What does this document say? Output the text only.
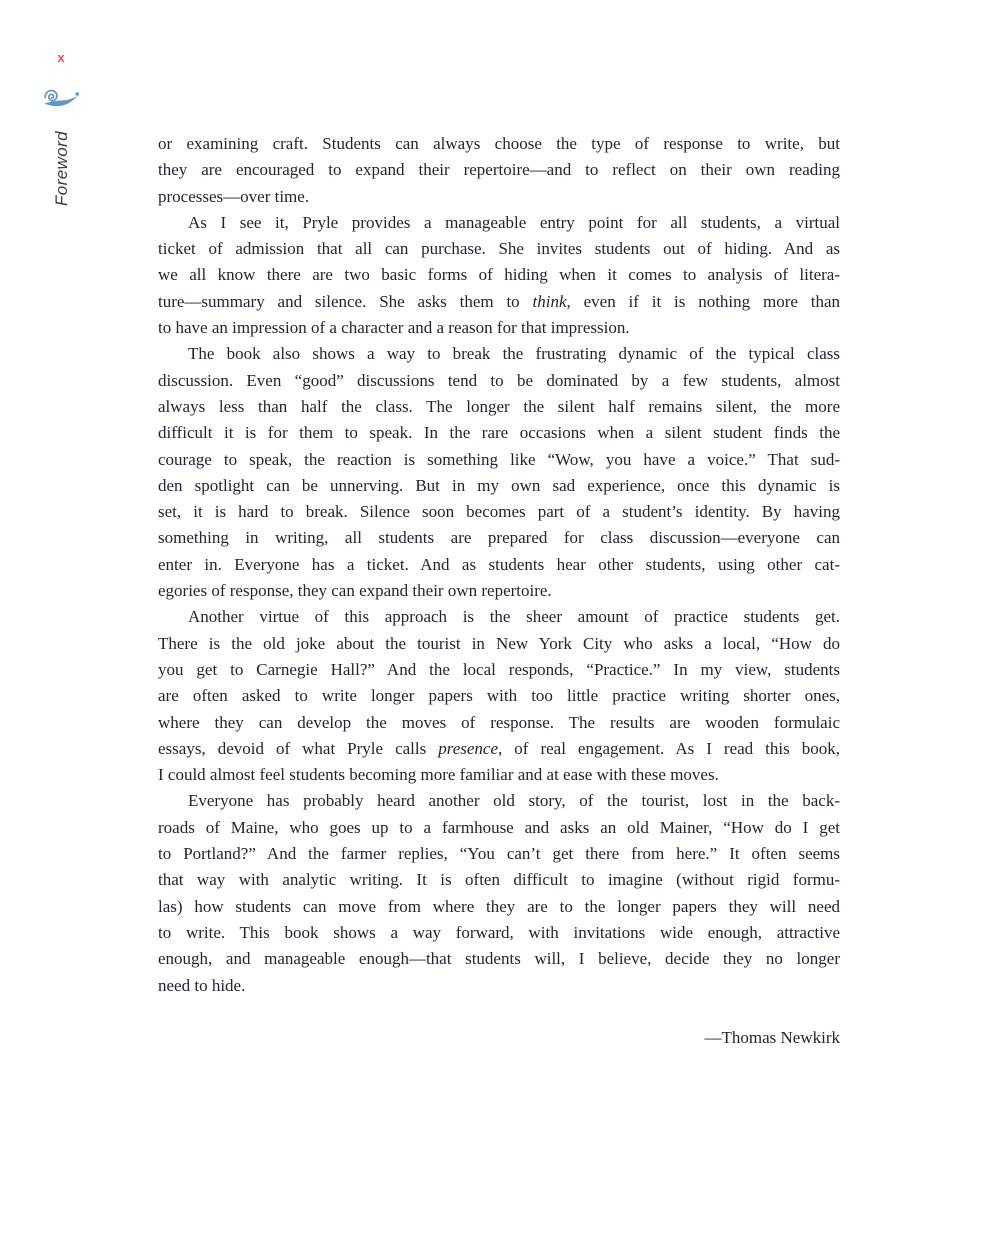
x
Foreword	or examining craft. Students can always choose the type of response to write, but
they are encouraged to expand their repertoire—and to reflect on their own reading
processes—over time.
As I see it, Pryle provides a manageable entry point for all students, a virtual
ticket of admission that all can purchase. She invites students out of hiding. And as
we all know there are two basic forms of hiding when it comes to analysis of litera-
ture—summary and silence. She asks them to think, even if it is nothing more than
to have an impression of a character and a reason for that impression.
The book also shows a way to break the frustrating dynamic of the typical class
discussion. Even “good” discussions tend to be dominated by a few students, almost
always less than half the class. The longer the silent half remains silent, the more
difficult it is for them to speak. In the rare occasions when a silent student finds the
courage to speak, the reaction is something like “Wow, you have a voice.” That sud-
den spotlight can be unnerving. But in my own sad experience, once this dynamic is
set, it is hard to break. Silence soon becomes part of a student’s identity. By having
something in writing, all students are prepared for class discussion—everyone can
enter in. Everyone has a ticket. And as students hear other students, using other cat-
egories of response, they can expand their own repertoire.
Another virtue of this approach is the sheer amount of practice students get.
There is the old joke about the tourist in New York City who asks a local, “How do
you get to Carnegie Hall?” And the local responds, “Practice.” In my view, students
are often asked to write longer papers with too little practice writing shorter ones,
where they can develop the moves of response. The results are wooden formulaic
essays, devoid of what Pryle calls presence, of real engagement. As I read this book,
I could almost feel students becoming more familiar and at ease with these moves.
Everyone has probably heard another old story, of the tourist, lost in the back-
roads of Maine, who goes up to a farmhouse and asks an old Mainer, “How do I get
to Portland?” And the farmer replies, “You can’t get there from here.” It often seems
that way with analytic writing. It is often difficult to imagine (without rigid formu-
las) how students can move from where they are to the longer papers they will need
to write. This book shows a way forward, with invitations wide enough, attractive
enough, and manageable enough—that students will, I believe, decide they no longer
need to hide.
—Thomas Newkirk
